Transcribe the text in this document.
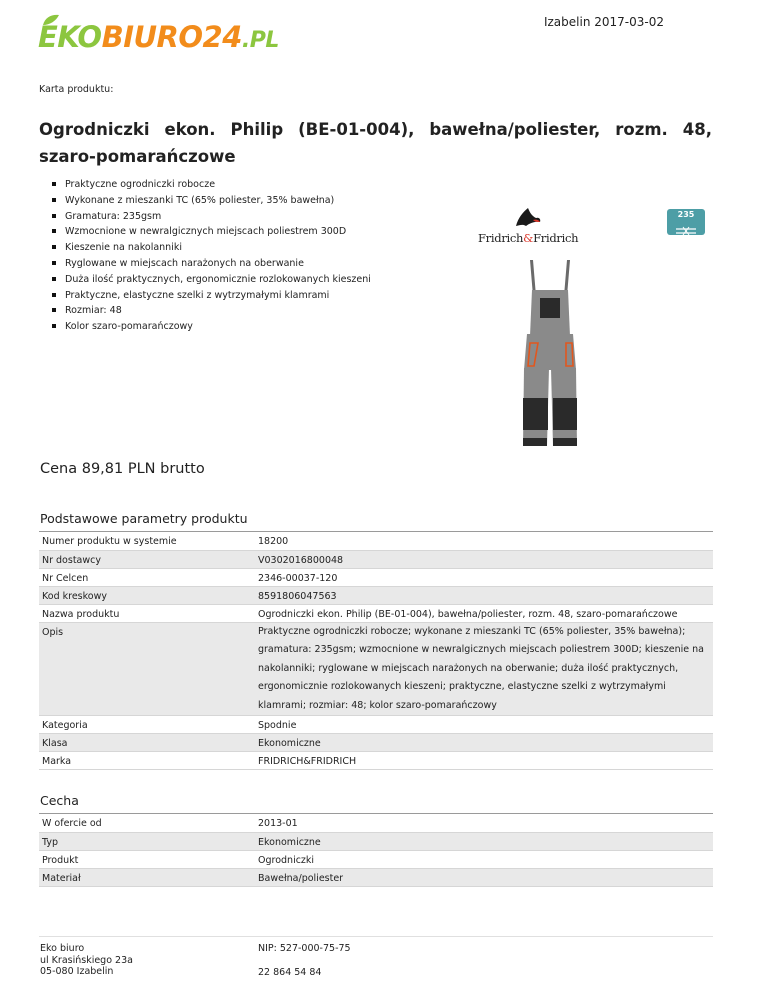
EKOBIURO24.PL
Izabelin 2017-03-02
Karta produktu:
Ogrodniczki ekon. Philip (BE-01-004), bawełna/poliester, rozm. 48, szaro-pomarańczowe
Praktyczne ogrodniczki robocze
Wykonane z mieszanki TC (65% poliester, 35% bawełna)
Gramatura: 235gsm
Wzmocnione w newralgicznych miejscach poliestrem 300D
Kieszenie na nakolanniki
Ryglowane w miejscach narażonych na oberwanie
Duża ilość praktycznych, ergonomicznie rozlokowanych kieszeni
Praktyczne, elastyczne szelki z wytrzymałymi klamrami
Rozmiar: 48
Kolor szaro-pomarańczowy
Fridrich&Fridrich
235
Cena 89,81 PLN brutto
Podstawowe parametry produktu
Numer produktu w systemie	18200
Nr dostawcy	V0302016800048
Nr Celcen	2346-00037-120
Kod kreskowy	8591806047563
Nazwa produktu	Ogrodniczki ekon. Philip (BE-01-004), bawełna/poliester, rozm. 48, szaro-pomarańczowe
Opis	Praktyczne ogrodniczki robocze; wykonane z mieszanki TC (65% poliester, 35% bawełna); gramatura: 235gsm; wzmocnione w newralgicznych miejscach poliestrem 300D; kieszenie na nakolanniki; ryglowane w miejscach narażonych na oberwanie; duża ilość praktycznych, ergonomicznie rozlokowanych kieszeni; praktyczne, elastyczne szelki z wytrzymałymi klamrami; rozmiar: 48; kolor szaro-pomarańczowy
Kategoria	Spodnie
Klasa	Ekonomiczne
Marka	FRIDRICH&FRIDRICH
Cecha
W ofercie od	2013-01
Typ	Ekonomiczne
Produkt	Ogrodniczki
Materiał	Bawełna/poliester
Eko biuro
ul Krasińskiego 23a
05-080 Izabelin
NIP: 527-000-75-75
22 864 54 84
